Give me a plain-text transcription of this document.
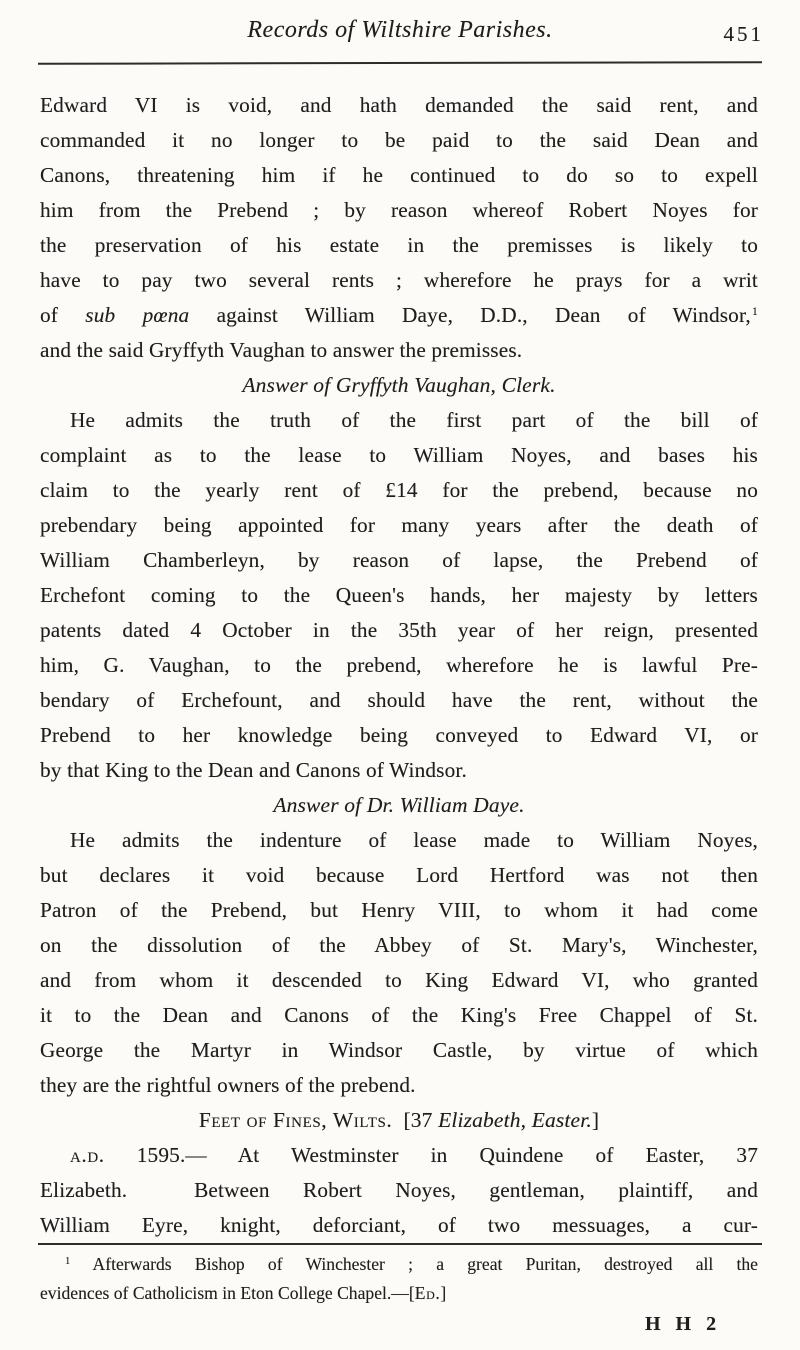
Records of Wiltshire Parishes.	451
Edward VI is void, and hath demanded the said rent, and
commanded it no longer to be paid to the said Dean and
Canons, threatening him if he continued to do so to expell
him from the Prebend ; by reason whereof Robert Noyes for
the preservation of his estate in the premisses is likely to
have to pay two several rents ; wherefore he prays for a writ
of sub pœna against William Daye, D.D., Dean of Windsor,$^1$
and the said Gryffyth Vaughan to answer the premisses.
Answer of Gryffyth Vaughan, Clerk.
He admits the truth of the first part of the bill of
complaint as to the lease to William Noyes, and bases his
claim to the yearly rent of £14 for the prebend, because no
prebendary being appointed for many years after the death of
William Chamberleyn, by reason of lapse, the Prebend of
Erchefont coming to the Queen's hands, her majesty by letters
patents dated 4 October in the 35th year of her reign, presented
him, G. Vaughan, to the prebend, wherefore he is lawful Pre-
bendary of Erchefount, and should have the rent, without the
Prebend to her knowledge being conveyed to Edward VI, or
by that King to the Dean and Canons of Windsor.
Answer of Dr. William Daye.
He admits the indenture of lease made to William Noyes,
but declares it void because Lord Hertford was not then
Patron of the Prebend, but Henry VIII, to whom it had come
on the dissolution of the Abbey of St. Mary's, Winchester,
and from whom it descended to King Edward VI, who granted
it to the Dean and Canons of the King's Free Chappel of St.
George the Martyr in Windsor Castle, by virtue of which
they are the rightful owners of the prebend.
Feet of Fines, Wilts.  [37 Elizabeth, Easter.]
a.d. 1595.— At Westminster in Quindene of Easter, 37
Elizabeth.  Between Robert Noyes, gentleman, plaintiff, and
William Eyre, knight, deforciant, of two messuages, a cur-
$^1$ Afterwards Bishop of Winchester ; a great Puritan, destroyed all the
evidences of Catholicism in Eton College Chapel.—[Ed.]
H H 2
